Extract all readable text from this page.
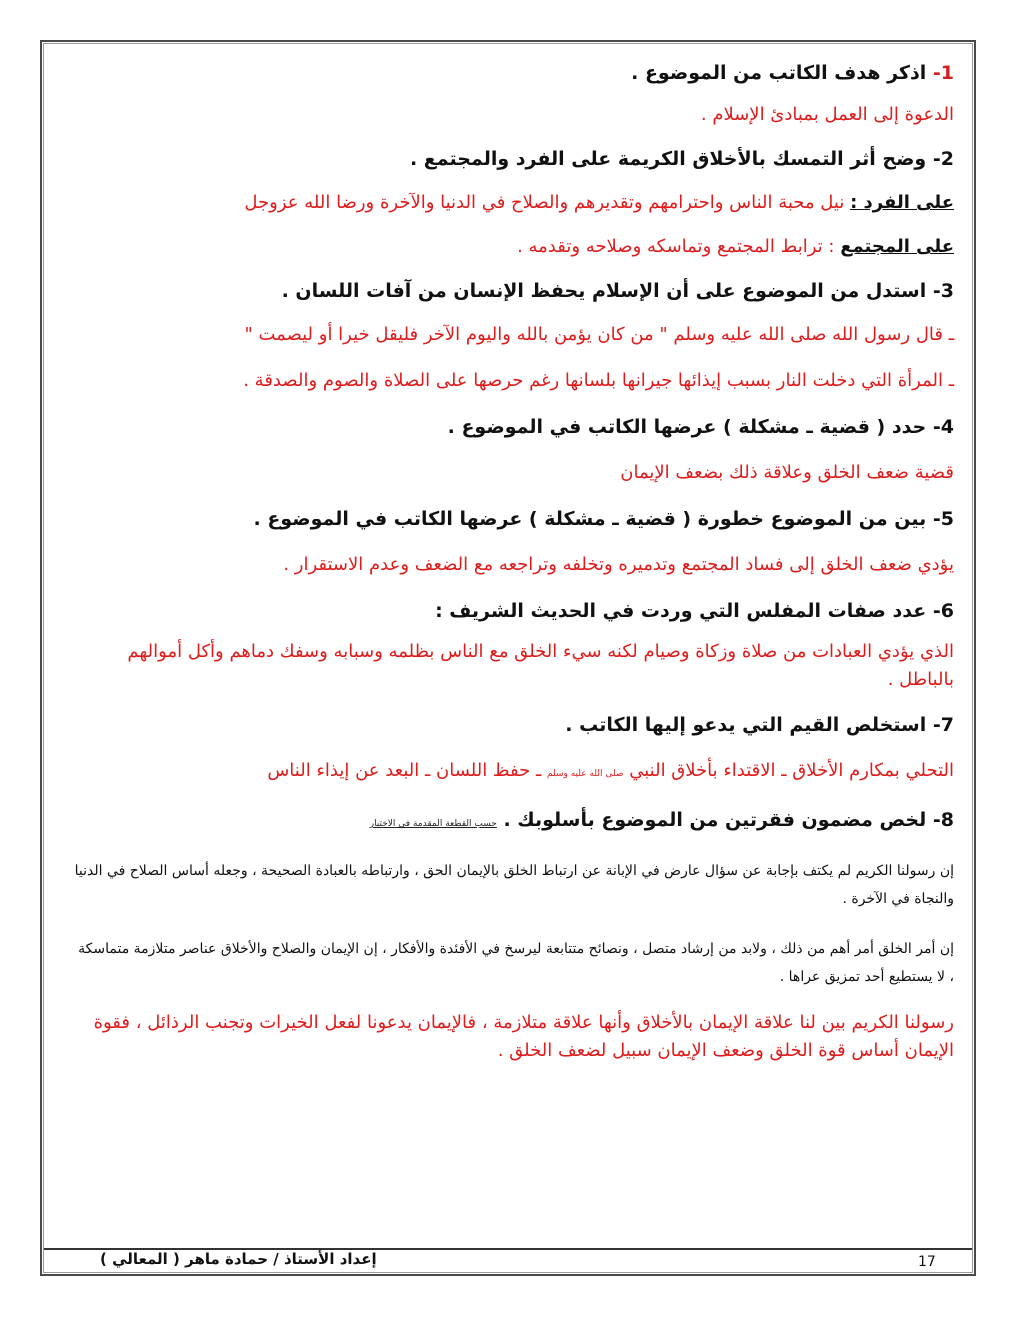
1- اذكر هدف الكاتب من الموضوع .

الدعوة إلى العمل بمبادئ الإسلام .

2- وضح أثر التمسك بالأخلاق الكريمة على الفرد والمجتمع .

على الفرد : نيل محبة الناس واحترامهم وتقديرهم والصلاح في الدنيا والآخرة ورضا الله عزوجل

على المجتمع : ترابط المجتمع وتماسكه وصلاحه وتقدمه .

3- استدل من الموضوع على أن الإسلام يحفظ الإنسان من آفات اللسان .

ـ قال رسول الله صلى الله عليه وسلم " من كان يؤمن بالله واليوم الآخر فليقل خيرا أو ليصمت "

ـ المرأة التي دخلت النار بسبب إيذائها جيرانها بلسانها رغم حرصها على الصلاة والصوم والصدقة .

4- حدد ( قضية ـ مشكلة ) عرضها الكاتب في الموضوع .

قضية ضعف الخلق وعلاقة ذلك بضعف الإيمان

5- بين من الموضوع خطورة ( قضية ـ مشكلة ) عرضها الكاتب في الموضوع .

يؤدي ضعف الخلق إلى فساد المجتمع وتدميره وتخلفه وتراجعه مع الضعف وعدم الاستقرار .

6- عدد صفات المفلس التي وردت في الحديث الشريف :

الذي يؤدي العبادات من صلاة وزكاة وصيام لكنه سيء الخلق مع الناس بظلمه وسبابه وسفك دماهم وأكل أموالهم بالباطل .

7- استخلص القيم التي يدعو إليها الكاتب .

التحلي بمكارم الأخلاق ـ الاقتداء بأخلاق النبي صلى الله عليه وسلم ـ حفظ اللسان ـ البعد عن إيذاء الناس

8- لخص مضمون فقرتين من الموضوع بأسلوبك . حسب القطعة المقدمة في الاختبار

إن رسولنا الكريم لم يكتف بإجابة عن سؤال عارض في الإبانة عن ارتباط الخلق بالإيمان الحق ، وارتباطه بالعبادة الصحيحة ، وجعله أساس الصلاح في الدنيا والنجاة في الآخرة .

إن أمر الخلق أمر أهم من ذلك ، ولابد من إرشاد متصل ، ونصائح متتابعة ليرسخ في الأفئدة والأفكار ، إن الإيمان والصلاح والأخلاق عناصر متلازمة متماسكة ، لا يستطيع أحد تمزيق عراها .

رسولنا الكريم بين لنا علاقة الإيمان بالأخلاق وأنها علاقة متلازمة ، فالإيمان يدعونا لفعل الخيرات وتجنب الرذائل ، فقوة الإيمان أساس قوة الخلق وضعف الإيمان سبيل لضعف الخلق .

17
إعداد الأستاذ / حمادة ماهر ( المعالي )
